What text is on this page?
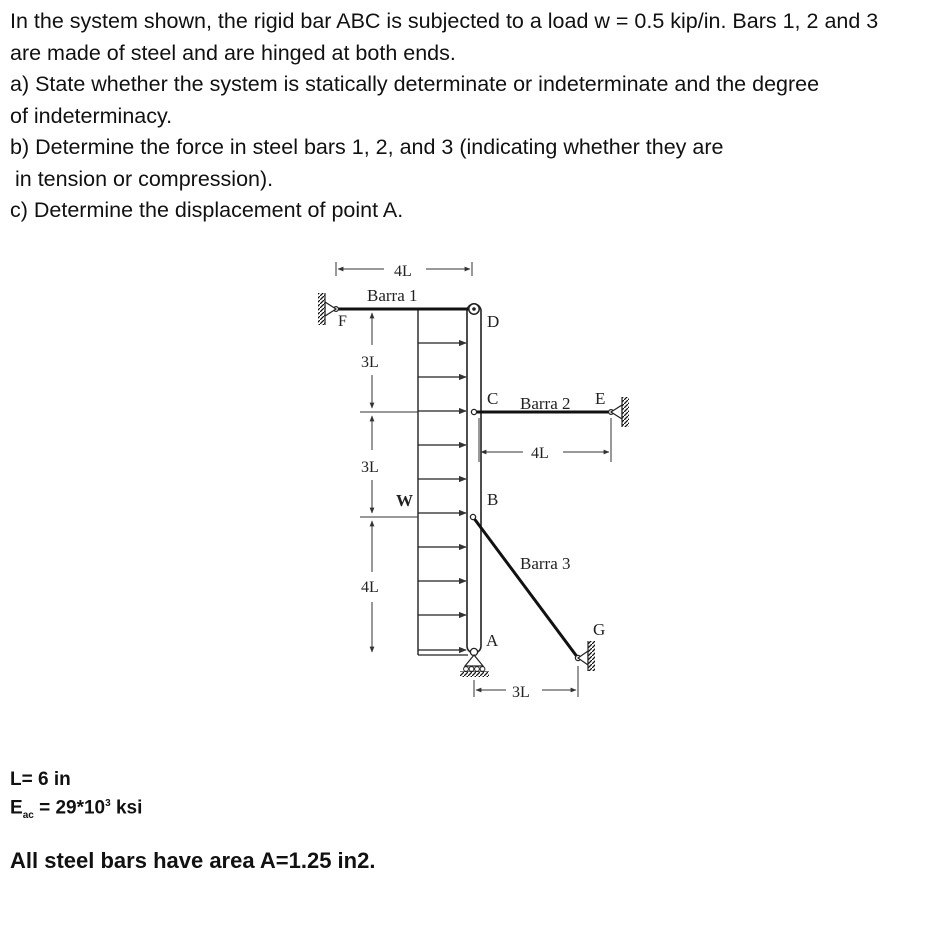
In the system shown, the rigid bar ABC is subjected to a load w = 0.5 kip/in. Bars 1, 2 and 3

are made of steel and are hinged at both ends.

a) State whether the system is statically determinate or indeterminate and the degree

of indeterminacy.

b) Determine the force in steel bars 1, 2, and 3 (indicating whether they are

in tension or compression).

c) Determine the displacement of point A.

W
4L
3L
3L
4L
4L
3L
Barra 1
F	D
C Barra 2 E
B
Barra 3
G
A
L= 6 in
$E_{ac} = 29*10^3$ ksi
All steel bars have area A=1.25 in2.
